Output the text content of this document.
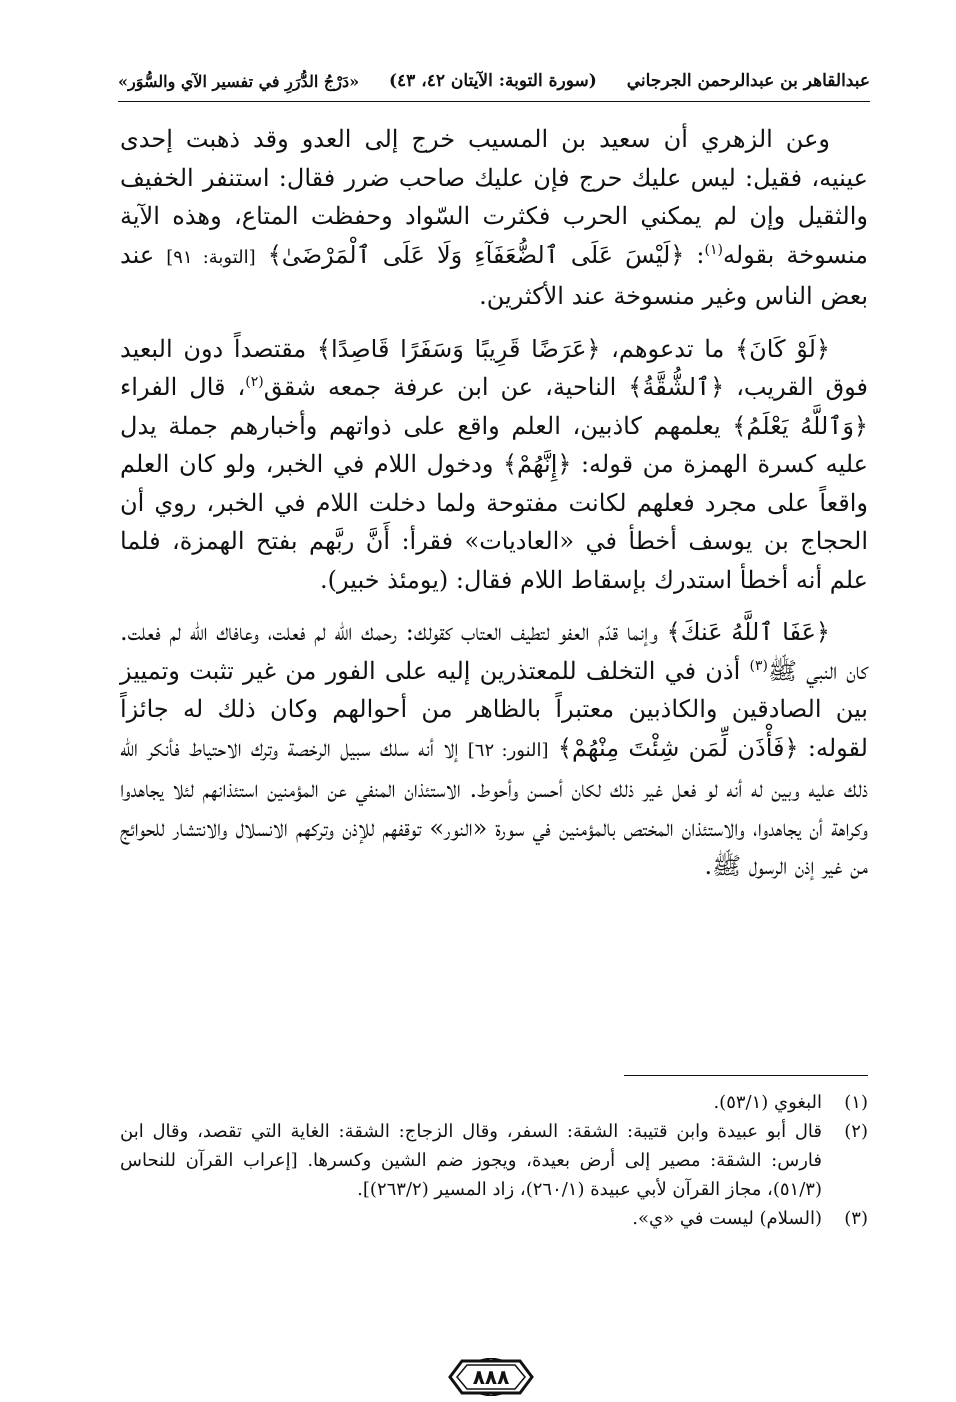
عبدالقاهر بن عبدالرحمن الجرجاني
(سورة التوبة: الآيتان ٤٢، ٤٣)
«دَرْجُ الدُّرَرِ في تفسير الآي والسُّوَر»

وعن الزهري أن سعيد بن المسيب خرج إلى العدو وقد ذهبت إحدى عينيه، فقيل: ليس عليك حرج فإن عليك صاحب ضرر فقال: استنفر الخفيف والثقيل وإن لم يمكني الحرب فكثرت السّواد وحفظت المتاع، وهذه الآية منسوخة بقوله$^{(١)}$: ﴿لَيْسَ عَلَى ٱلضُّعَفَآءِ وَلَا عَلَى ٱلْمَرْضَىٰ﴾ [التوبة: ٩١] عند بعض الناس وغير منسوخة عند الأكثرين.

﴿لَوْ كَانَ﴾ ما تدعوهم، ﴿عَرَضًا قَرِيبًا وَسَفَرًا قَاصِدًا﴾ مقتصداً دون البعيد فوق القريب، ﴿ٱلشُّقَّةُ﴾ الناحية، عن ابن عرفة جمعه شقق$^{(٢)}$، قال الفراء ﴿وَٱللَّهُ يَعْلَمُ﴾ يعلمهم كاذبين، العلم واقع على ذواتهم وأخبارهم جملة يدل عليه كسرة الهمزة من قوله: ﴿إِنَّهُمْ﴾ ودخول اللام في الخبر، ولو كان العلم واقعاً على مجرد فعلهم لكانت مفتوحة ولما دخلت اللام في الخبر، روي أن الحجاج بن يوسف أخطأ في «العاديات» فقرأ: أَنَّ ربَّهم بفتح الهمزة، فلما علم أنه أخطأ استدرك بإسقاط اللام فقال: (يومئذ خبير).

﴿عَفَا ٱللَّهُ عَنكَ﴾ وإنما قدّم العفو لتطيف العتاب كقولك: رحمك الله لم فعلت، وعافاك الله لم فعلت. كان النبي ﷺ$^{(٣)}$ أذن في التخلف للمعتذرين إليه على الفور من غير تثبت وتمييز بين الصادقين والكاذبين معتبراً بالظاهر من أحوالهم وكان ذلك له جائزاً لقوله: ﴿فَأْذَن لِّمَن شِئْتَ مِنْهُمْ﴾ [النور: ٦٢] إلا أنه سلك سبيل الرخصة وترك الاحتياط فأنكر الله ذلك عليه وبين له أنه لو فعل غير ذلك لكان أحسن وأحوط. الاستئذان المنفي عن المؤمنين استئذانهم لئلا يجاهدوا وكراهة أن يجاهدوا، والاستئذان المختص بالمؤمنين في سورة «النور» توقفهم للإذن وتركهم الانسلال والانتشار للحوائج من غير إذن الرسول ﷺ.

(١)
البغوي (٥٣/١).
(٢)
قال أبو عبيدة وابن قتيبة: الشقة: السفر، وقال الزجاج: الشقة: الغاية التي تقصد، وقال ابن فارس: الشقة: مصير إلى أرض بعيدة، ويجوز ضم الشين وكسرها. [إعراب القرآن للنحاس (٥١/٣)، مجاز القرآن لأبي عبيدة (٢٦٠/١)، زاد المسير (٢٦٣/٢)].
(٣)
(السلام) ليست في «ي».
٨٨٨
